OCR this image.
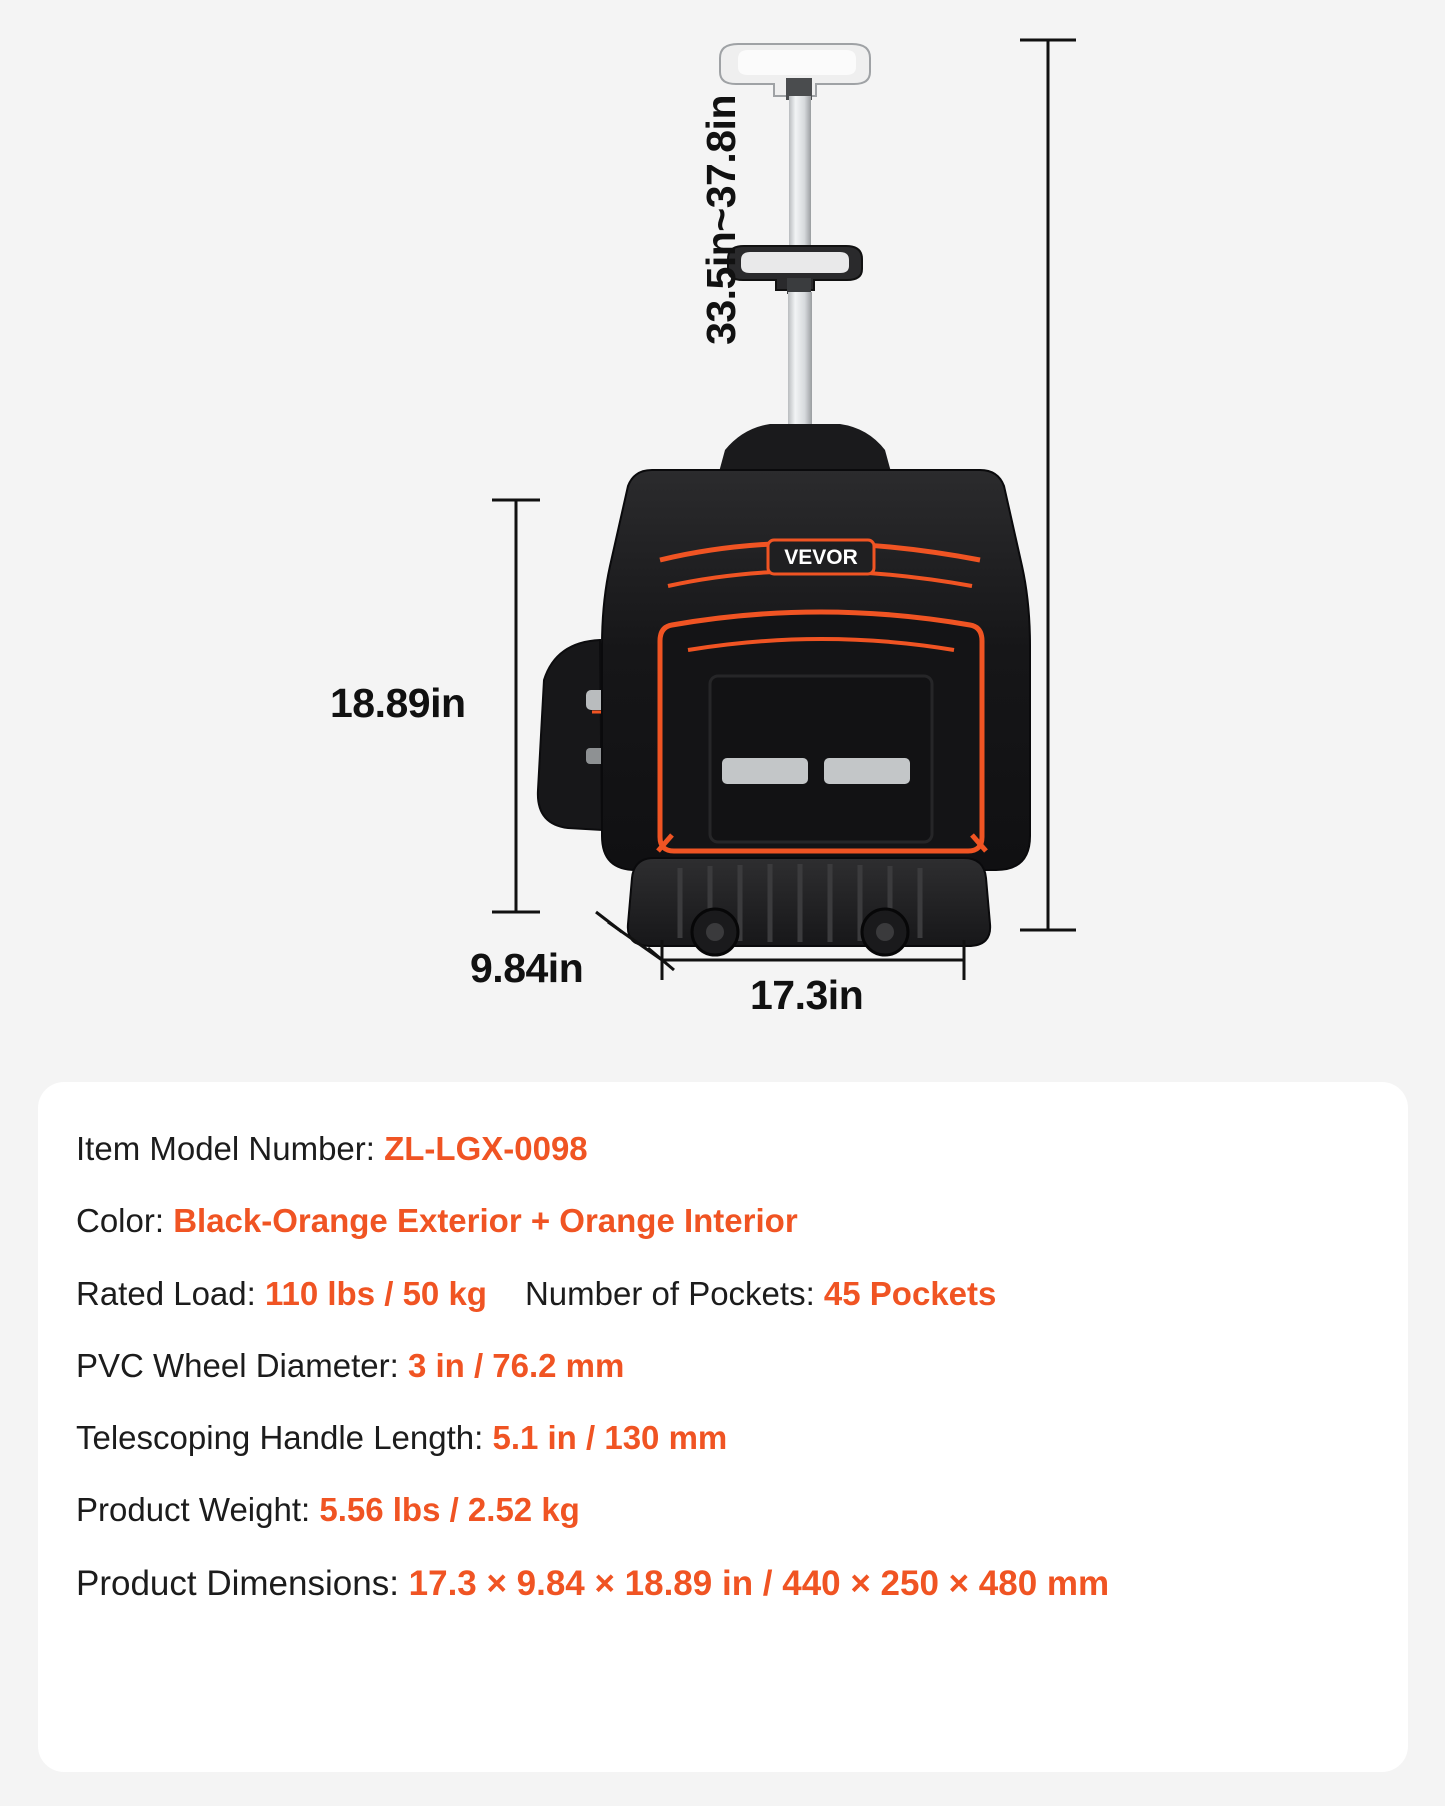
VEVOR
33.5in~37.8in
18.89in
9.84in
17.3in
Item Model Number: ZL-LGX-0098
Color: Black-Orange Exterior + Orange Interior
Rated Load: 110 lbs / 50 kg Number of Pockets: 45 Pockets
PVC Wheel Diameter: 3 in / 76.2 mm
Telescoping Handle Length: 5.1 in / 130 mm
Product Weight: 5.56 lbs / 2.52 kg
Product Dimensions: 17.3 × 9.84 × 18.89 in / 440 × 250 × 480 mm
